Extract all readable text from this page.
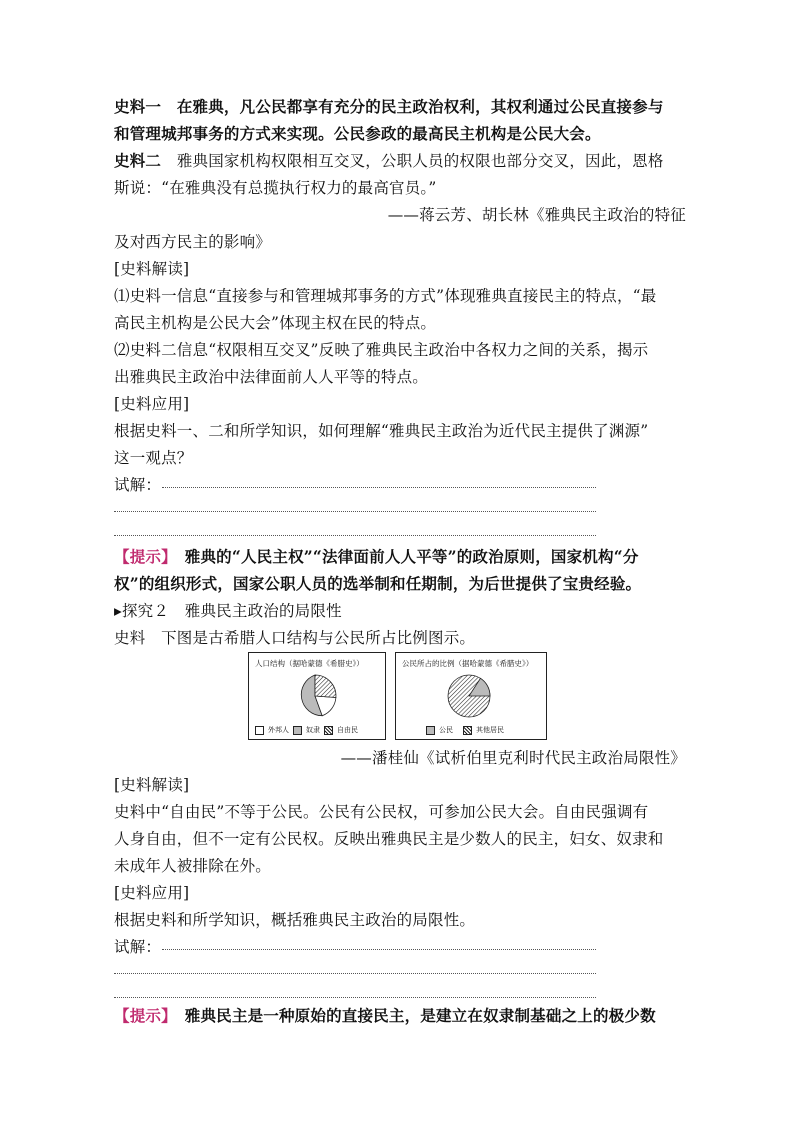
史料一　 在雅典，凡公民都享有充分的民主政治权利，其权利通过公民直接参与
和管理城邦事务的方式来实现。公民参政的最高民主机构是公民大会。
史料二　 雅典国家机构权限相互交叉，公职人员的权限也部分交叉，因此，恩格
斯说：“在雅典没有总揽执行权力的最高官员。”
——蒋云芳、胡长林《雅典民主政治的特征
及对西方民主的影响》
[史料解读]
⑴史料一信息“直接参与和管理城邦事务的方式”体现雅典直接民主的特点，“最
高民主机构是公民大会”体现主权在民的特点。
⑵史料二信息“权限相互交叉”反映了雅典民主政治中各权力之间的关系，揭示
出雅典民主政治中法律面前人人平等的特点。
[史料应用]
根据史料一、二和所学知识，如何理解“雅典民主政治为近代民主提供了渊源”
这一观点？
试解：
【提示】　 雅典的“人民主权”“法律面前人人平等”的政治原则，国家机构“分
权”的组织形式，国家公职人员的选举制和任期制，为后世提供了宝贵经验。
▸探究２　雅典民主政治的局限性
史料　 下图是古希腊人口结构与公民所占比例图示。
人口结构（据哈蒙德《希腊史》）
外邦人 奴隶 自由民
公民所占的比例（据哈蒙德《希腊史》）
公民	其他居民
——潘桂仙《试析伯里克利时代民主政治局限性》
[史料解读]
史料中“自由民”不等于公民。公民有公民权，可参加公民大会。自由民强调有
人身自由，但不一定有公民权。反映出雅典民主是少数人的民主，妇女、奴隶和
未成年人被排除在外。
[史料应用]
根据史料和所学知识，概括雅典民主政治的局限性。
试解：
【提示】　 雅典民主是一种原始的直接民主，是建立在奴隶制基础之上的极少数
